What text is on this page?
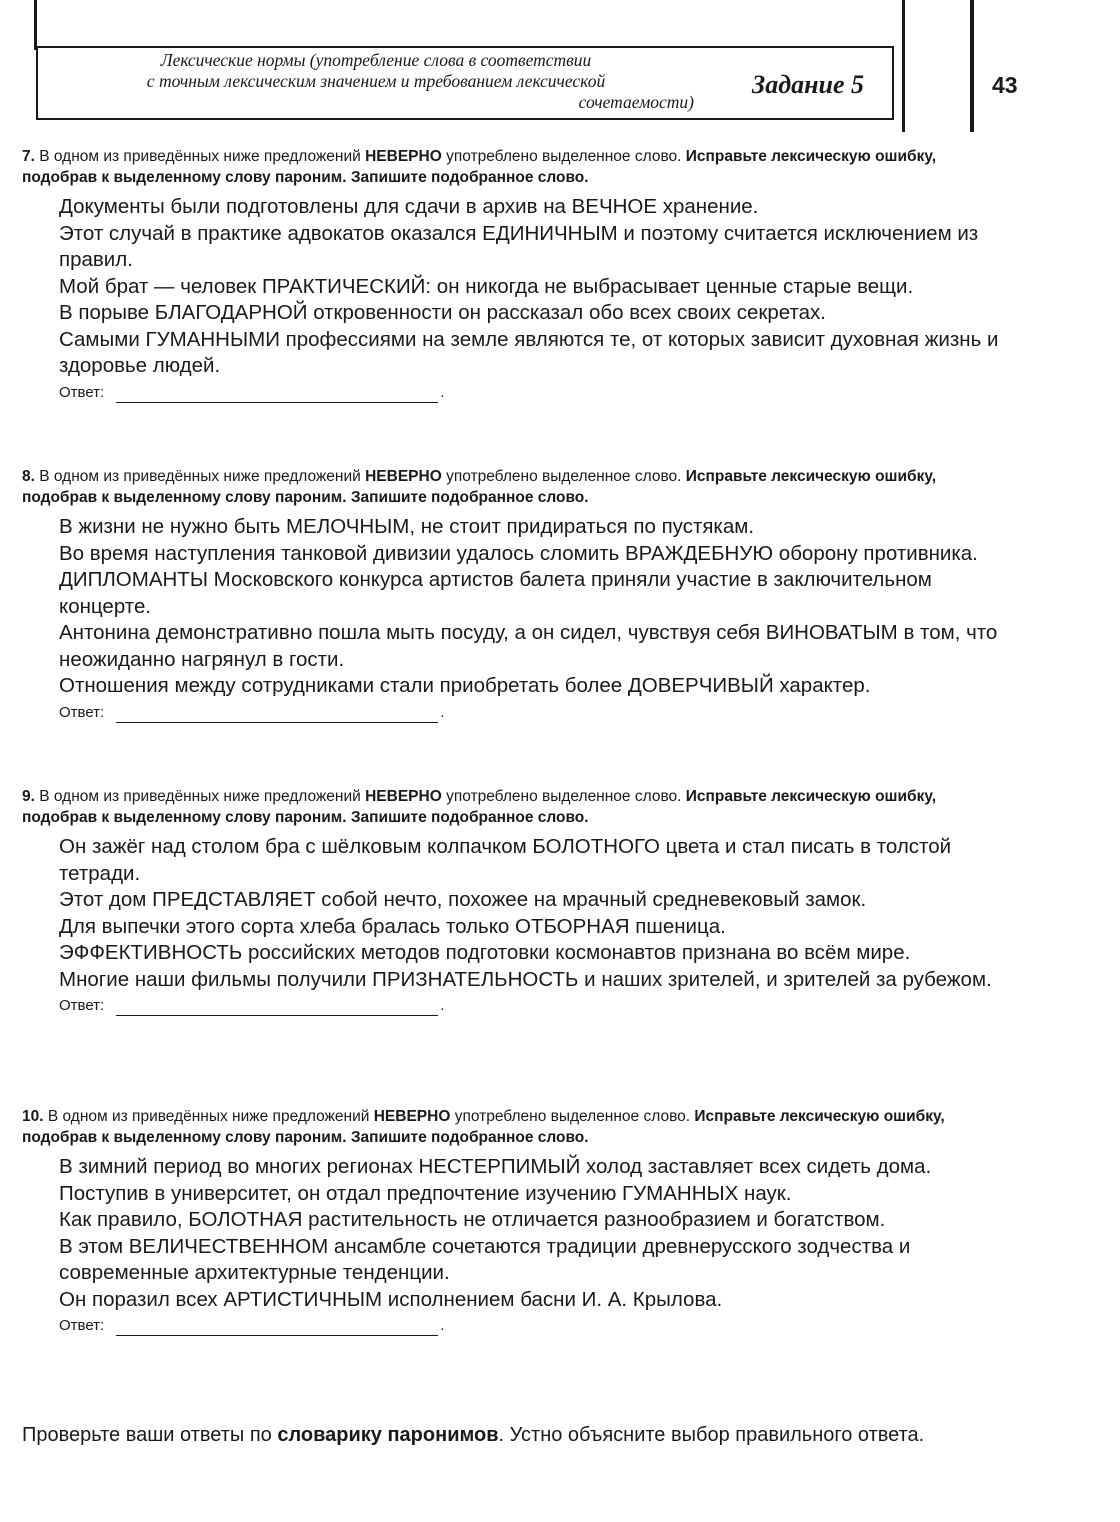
Лексические нормы (употребление слова в соответствии
с точным лексическим значением и требованием лексической
сочетаемости)
Задание 5	43

7. В одном из приведённых ниже предложений НЕВЕРНО употреблено выделенное слово. Исправьте лексическую ошибку, подобрав к выделенному слову пароним. Запишите подобранное слово.

Документы были подготовлены для сдачи в архив на ВЕЧНОЕ хранение.

Этот случай в практике адвокатов оказался ЕДИНИЧНЫМ и поэтому считается исключением из правил.

Мой брат — человек ПРАКТИЧЕСКИЙ: он никогда не выбрасывает ценные старые вещи.

В порыве БЛАГОДАРНОЙ откровенности он рассказал обо всех своих секретах.

Самыми ГУМАННЫМИ профессиями на земле являются те, от которых зависит духовная жизнь и здоровье людей.

Ответ:	.

8. В одном из приведённых ниже предложений НЕВЕРНО употреблено выделенное слово. Исправьте лексическую ошибку, подобрав к выделенному слову пароним. Запишите подобранное слово.

В жизни не нужно быть МЕЛОЧНЫМ, не стоит придираться по пустякам.

Во время наступления танковой дивизии удалось сломить ВРАЖДЕБНУЮ оборону противника.

ДИПЛОМАНТЫ Московского конкурса артистов балета приняли участие в заключительном концерте.

Антонина демонстративно пошла мыть посуду, а он сидел, чувствуя себя ВИНОВАТЫМ в том, что неожиданно нагрянул в гости.

Отношения между сотрудниками стали приобретать более ДОВЕРЧИВЫЙ характер.

Ответ:	.

9. В одном из приведённых ниже предложений НЕВЕРНО употреблено выделенное слово. Исправьте лексическую ошибку, подобрав к выделенному слову пароним. Запишите подобранное слово.

Он зажёг над столом бра с шёлковым колпачком БОЛОТНОГО цвета и стал писать в толстой тетради.

Этот дом ПРЕДСТАВЛЯЕТ собой нечто, похожее на мрачный средневековый замок.

Для выпечки этого сорта хлеба бралась только ОТБОРНАЯ пшеница.

ЭФФЕКТИВНОСТЬ российских методов подготовки космонавтов признана во всём мире.

Многие наши фильмы получили ПРИЗНАТЕЛЬНОСТЬ и наших зрителей, и зрителей за рубежом.

Ответ:	.

10. В одном из приведённых ниже предложений НЕВЕРНО употреблено выделенное слово. Исправьте лексическую ошибку, подобрав к выделенному слову пароним. Запишите подобранное слово.

В зимний период во многих регионах НЕСТЕРПИМЫЙ холод заставляет всех сидеть дома.

Поступив в университет, он отдал предпочтение изучению ГУМАННЫХ наук.

Как правило, БОЛОТНАЯ растительность не отличается разнообразием и богатством.

В этом ВЕЛИЧЕСТВЕННОМ ансамбле сочетаются традиции древнерусского зодчества и современные архитектурные тенденции.

Он поразил всех АРТИСТИЧНЫМ исполнением басни И. А. Крылова.

Ответ:	.
Проверьте ваши ответы по словарику паронимов. Устно объясните выбор правильного ответа.
